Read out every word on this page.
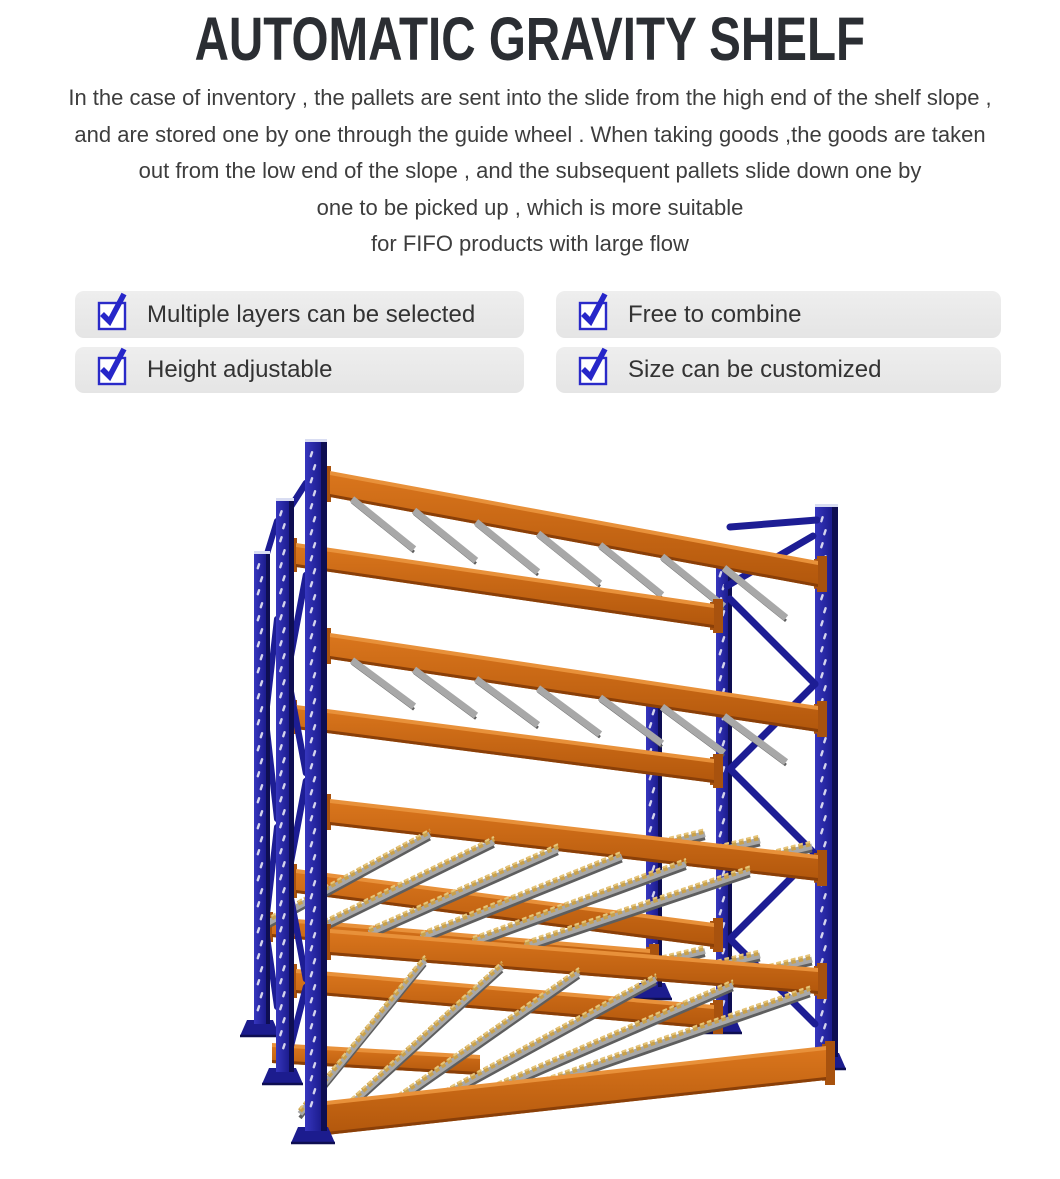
AUTOMATIC GRAVITY SHELF
In the case of inventory , the pallets are sent into the slide from the high end of the shelf slope ,
and are stored one by one through the guide wheel . When taking goods ,the goods are taken
out from the low end of the slope , and the subsequent pallets slide down one by
one to be picked up , which is more suitable
for FIFO products with large flow
Multiple layers can be selected	Free to combine
Height adjustable	Size can be customized
